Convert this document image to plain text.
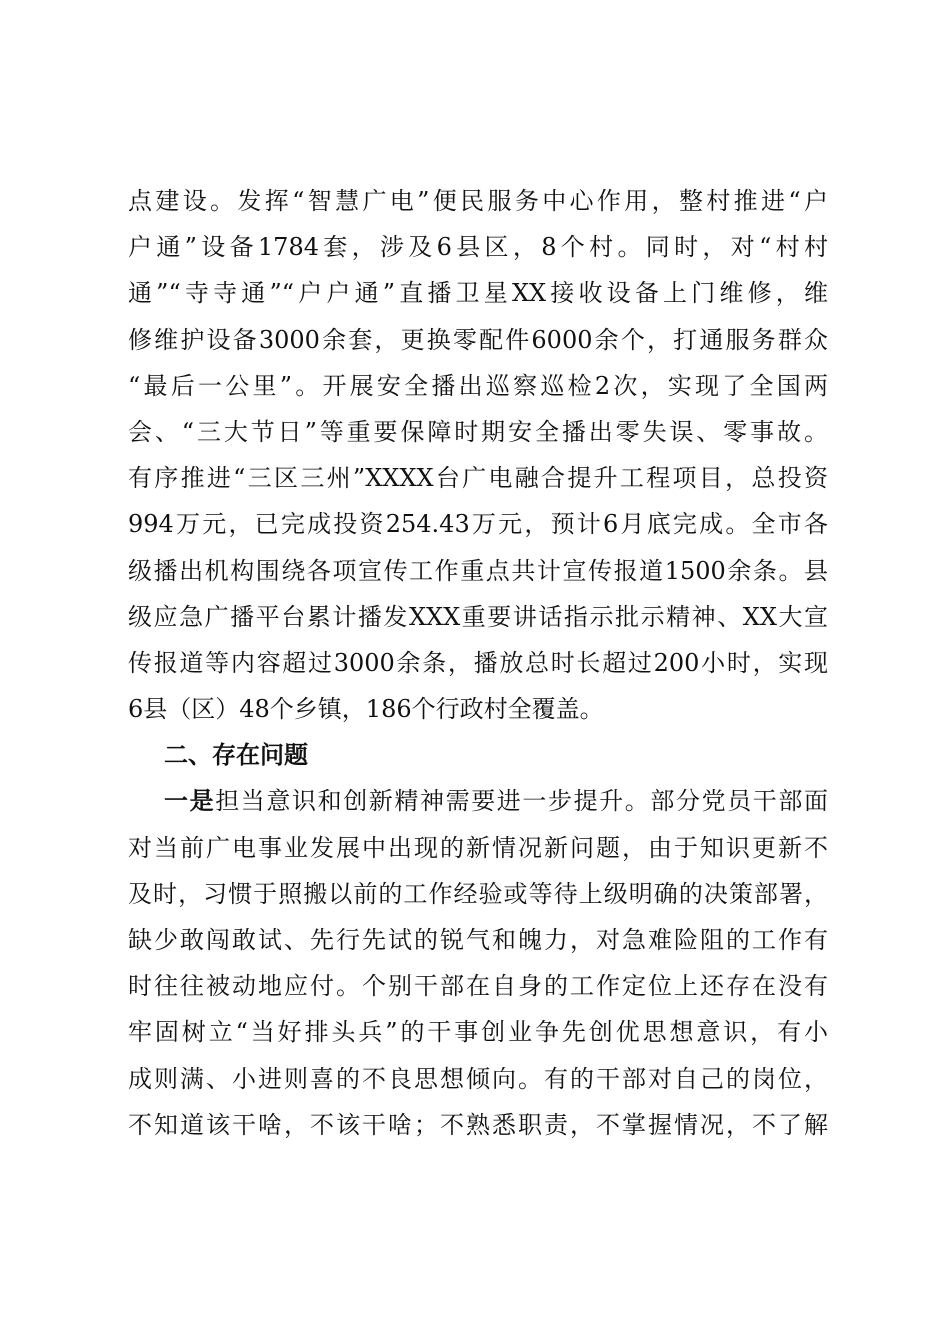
点建设。发挥“智慧广电”便民服务中心作用，整村推进“户
户通”设备1784套，涉及6县区，8个村。同时，对“村村
通”“寺寺通”“户户通”直播卫星XX接收设备上门维修，维
修维护设备3000余套，更换零配件6000余个，打通服务群众
“最后一公里”。开展安全播出巡察巡检2次，实现了全国两
会、“三大节日”等重要保障时期安全播出零失误、零事故。
有序推进“三区三州”XXXX台广电融合提升工程项目，总投资
994万元，已完成投资254.43万元，预计6月底完成。全市各
级播出机构围绕各项宣传工作重点共计宣传报道1500余条。县
级应急广播平台累计播发XXX重要讲话指示批示精神、XX大宣
传报道等内容超过3000余条，播放总时长超过200小时，实现
6县（区）48个乡镇，186个行政村全覆盖。
二、存在问题
一是担当意识和创新精神需要进一步提升。部分党员干部面
对当前广电事业发展中出现的新情况新问题，由于知识更新不
及时，习惯于照搬以前的工作经验或等待上级明确的决策部署，
缺少敢闯敢试、先行先试的锐气和魄力，对急难险阻的工作有
时往往被动地应付。个别干部在自身的工作定位上还存在没有
牢固树立“当好排头兵”的干事创业争先创优思想意识，有小
成则满、小进则喜的不良思想倾向。有的干部对自己的岗位，
不知道该干啥，不该干啥；不熟悉职责，不掌握情况，不了解
